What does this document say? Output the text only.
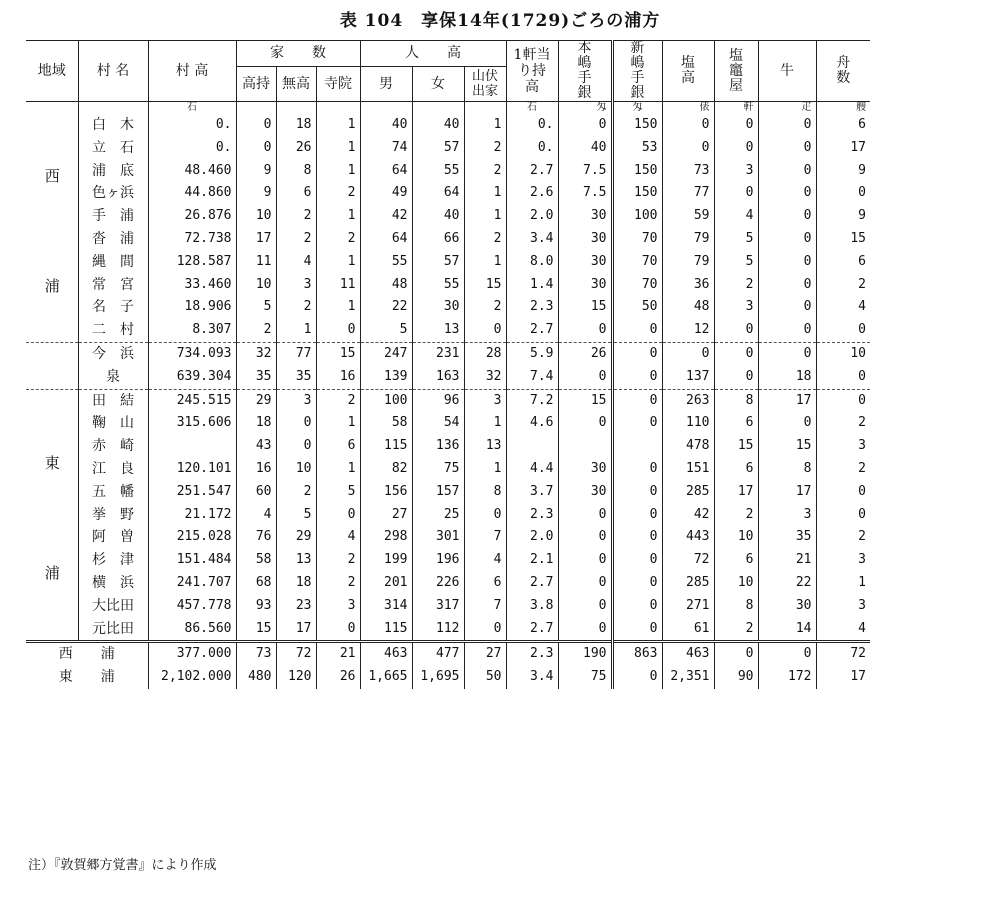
表 104　享保14年(1729)ごろの浦方
地域	村 名	村 高	家　　数			人　　高			1軒当り持高	本嶋手銀	新嶋手銀	塩　高	塩竈屋	牛	舟　数	
			高持	無高	寺院	男	女	山伏出家								
		石							石	匁	匁	俵	軒	疋	艘	
西　浦	白　木	0.	0	18	1	40	40	1	0.	0	150	0	0	0	6	
	立　石	0.	0	26	1	74	57	2	0.	40	53	0	0	0	17	
	浦　底	48.460	9	8	1	64	55	2	2.7	7.5	150	73	3	0	9	
	色ヶ浜	44.860	9	6	2	49	64	1	2.6	7.5	150	77	0	0	0	
	手　浦	26.876	10	2	1	42	40	1	2.0	30	100	59	4	0	9	
	沓　浦	72.738	17	2	2	64	66	2	3.4	30	70	79	5	0	15	
	縄　間	128.587	11	4	1	55	57	1	8.0	30	70	79	5	0	6	
	常　宮	33.460	10	3	11	48	55	15	1.4	30	70	36	2	0	2	
	名　子	18.906	5	2	1	22	30	2	2.3	15	50	48	3	0	4	
	二　村	8.307	2	1	0	5	13	0	2.7	0	0	12	0	0	0	
	今　浜	734.093	32	77	15	247	231	28	5.9	26	0	0	0	0	10	
	泉	639.304	35	35	16	139	163	32	7.4	0	0	137	0	18	0	
東　浦	田　結	245.515	29	3	2	100	96	3	7.2	15	0	263	8	17	0	
	鞠　山	315.606	18	0	1	58	54	1	4.6	0	0	110	6	0	2	
	赤　崎		43	0	6	115	136	13				478	15	15	3	
	江　良	120.101	16	10	1	82	75	1	4.4	30	0	151	6	8	2	
	五　幡	251.547	60	2	5	156	157	8	3.7	30	0	285	17	17	0	
	挙　野	21.172	4	5	0	27	25	0	2.3	0	0	42	2	3	0	
	阿　曽	215.028	76	29	4	298	301	7	2.0	0	0	443	10	35	2	
	杉　津	151.484	58	13	2	199	196	4	2.1	0	0	72	6	21	3	
	横　浜	241.707	68	18	2	201	226	6	2.7	0	0	285	10	22	1	
	大比田	457.778	93	23	3	314	317	7	3.8	0	0	271	8	30	3	
	元比田	86.560	15	17	0	115	112	0	2.7	0	0	61	2	14	4	
西　　浦		377.000	73	72	21	463	477	27	2.3	190	863	463	0	0	72	
東　　浦		2,102.000	480	120	26	1,665	1,695	50	3.4	75	0	2,351	90	172	17	
注）『敦賀郷方覚書』により作成
